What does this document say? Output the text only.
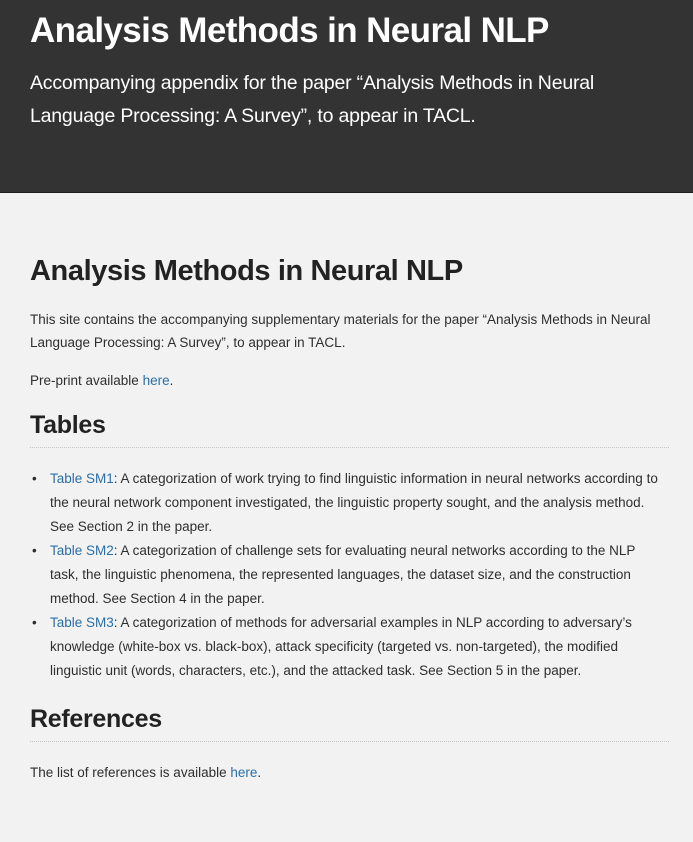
Analysis Methods in Neural NLP

Accompanying appendix for the paper “Analysis Methods in Neural Language Processing: A Survey”, to appear in TACL.

Analysis Methods in Neural NLP

This site contains the accompanying supplementary materials for the paper “Analysis Methods in Neural Language Processing: A Survey”, to appear in TACL.

Pre-print available here.

Tables
• Table SM1: A categorization of work trying to find linguistic information in neural networks according to the neural network component investigated, the linguistic property sought, and the analysis method. See Section 2 in the paper.
• Table SM2: A categorization of challenge sets for evaluating neural networks according to the NLP task, the linguistic phenomena, the represented languages, the dataset size, and the construction method. See Section 4 in the paper.
• Table SM3: A categorization of methods for adversarial examples in NLP according to adversary’s knowledge (white-box vs. black-box), attack specificity (targeted vs. non-targeted), the modified linguistic unit (words, characters, etc.), and the attacked task. See Section 5 in the paper.
References

The list of references is available here.
